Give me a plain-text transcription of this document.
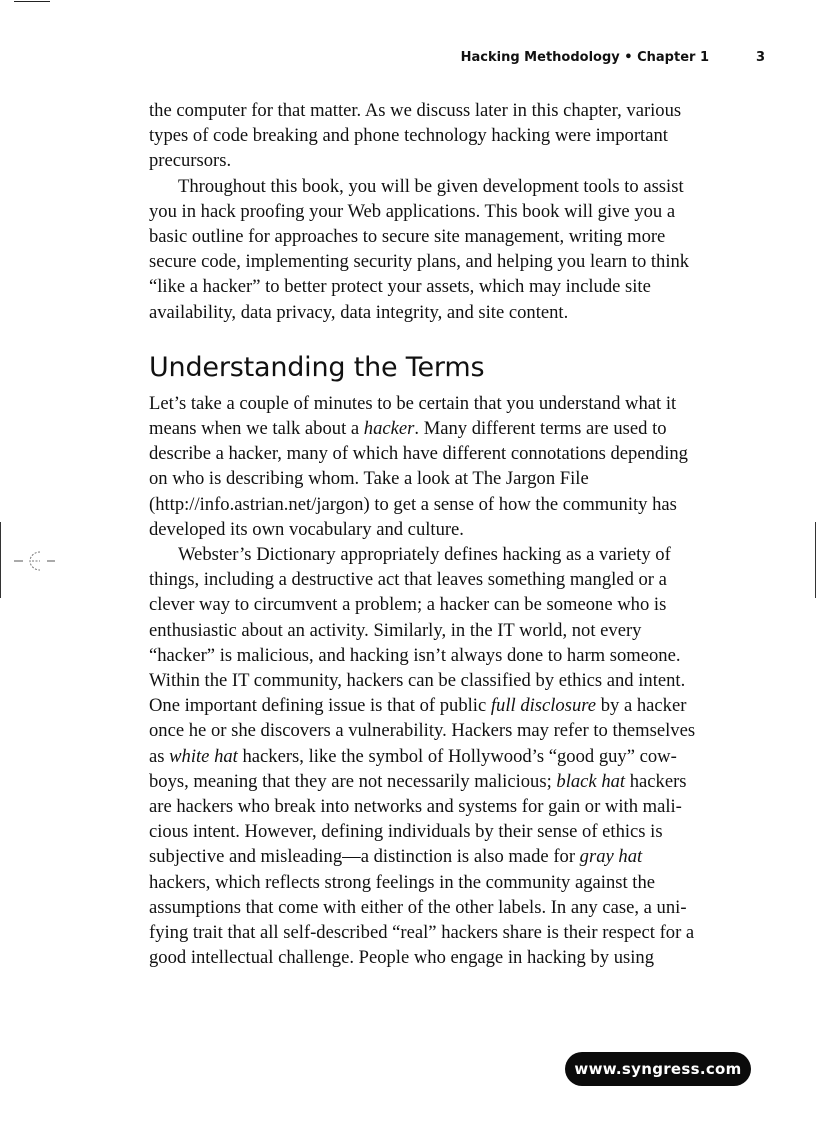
Hacking Methodology • Chapter 1	3

the computer for that matter. As we discuss later in this chapter, various
types of code breaking and phone technology hacking were important
precursors.

Throughout this book, you will be given development tools to assist
you in hack proofing your Web applications. This book will give you a
basic outline for approaches to secure site management, writing more
secure code, implementing security plans, and helping you learn to think
“like a hacker” to better protect your assets, which may include site
availability, data privacy, data integrity, and site content.

Understanding the Terms

Let’s take a couple of minutes to be certain that you understand what it
means when we talk about a hacker. Many different terms are used to
describe a hacker, many of which have different connotations depending
on who is describing whom. Take a look at The Jargon File
(http://info.astrian.net/jargon) to get a sense of how the community has
developed its own vocabulary and culture.

Webster’s Dictionary appropriately defines hacking as a variety of
things, including a destructive act that leaves something mangled or a
clever way to circumvent a problem; a hacker can be someone who is
enthusiastic about an activity. Similarly, in the IT world, not every
“hacker” is malicious, and hacking isn’t always done to harm someone.
Within the IT community, hackers can be classified by ethics and intent.
One important defining issue is that of public full disclosure by a hacker
once he or she discovers a vulnerability. Hackers may refer to themselves
as white hat hackers, like the symbol of Hollywood’s “good guy” cow-
boys, meaning that they are not necessarily malicious; black hat hackers
are hackers who break into networks and systems for gain or with mali-
cious intent. However, defining individuals by their sense of ethics is
subjective and misleading—a distinction is also made for gray hat
hackers, which reflects strong feelings in the community against the
assumptions that come with either of the other labels. In any case, a uni-
fying trait that all self-described “real” hackers share is their respect for a
good intellectual challenge. People who engage in hacking by using

www.syngress.com
